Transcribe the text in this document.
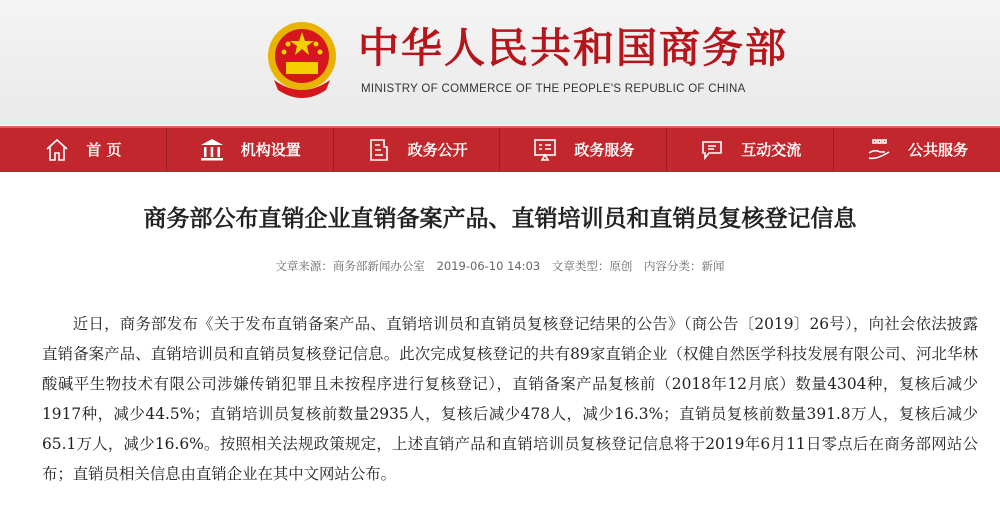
中华人民共和国商务部
MINISTRY OF COMMERCE OF THE PEOPLE'S REPUBLIC OF CHINA
首 页	机构设置	政务公开	政务服务	互动交流	公共服务
商务部公布直销企业直销备案产品、直销培训员和直销员复核登记信息
文章来源：商务部新闻办公室 2019-06-10 14:03 文章类型：原创 内容分类：新闻

近日，商务部发布《关于发布直销备案产品、直销培训员和直销员复核登记结果的公告》（商公告〔2019〕26号），向社会依法披露直销备案产品、直销培训员和直销员复核登记信息。此次完成复核登记的共有89家直销企业（权健自然医学科技发展有限公司、河北华林酸碱平生物技术有限公司涉嫌传销犯罪且未按程序进行复核登记），直销备案产品复核前（2018年12月底）数量4304种，复核后减少1917种，减少44.5%；直销培训员复核前数量2935人，复核后减少478人，减少16.3%；直销员复核前数量391.8万人，复核后减少65.1万人，减少16.6%。按照相关法规政策规定，上述直销产品和直销培训员复核登记信息将于2019年6月11日零点后在商务部网站公布；直销员相关信息由直销企业在其中文网站公布。
